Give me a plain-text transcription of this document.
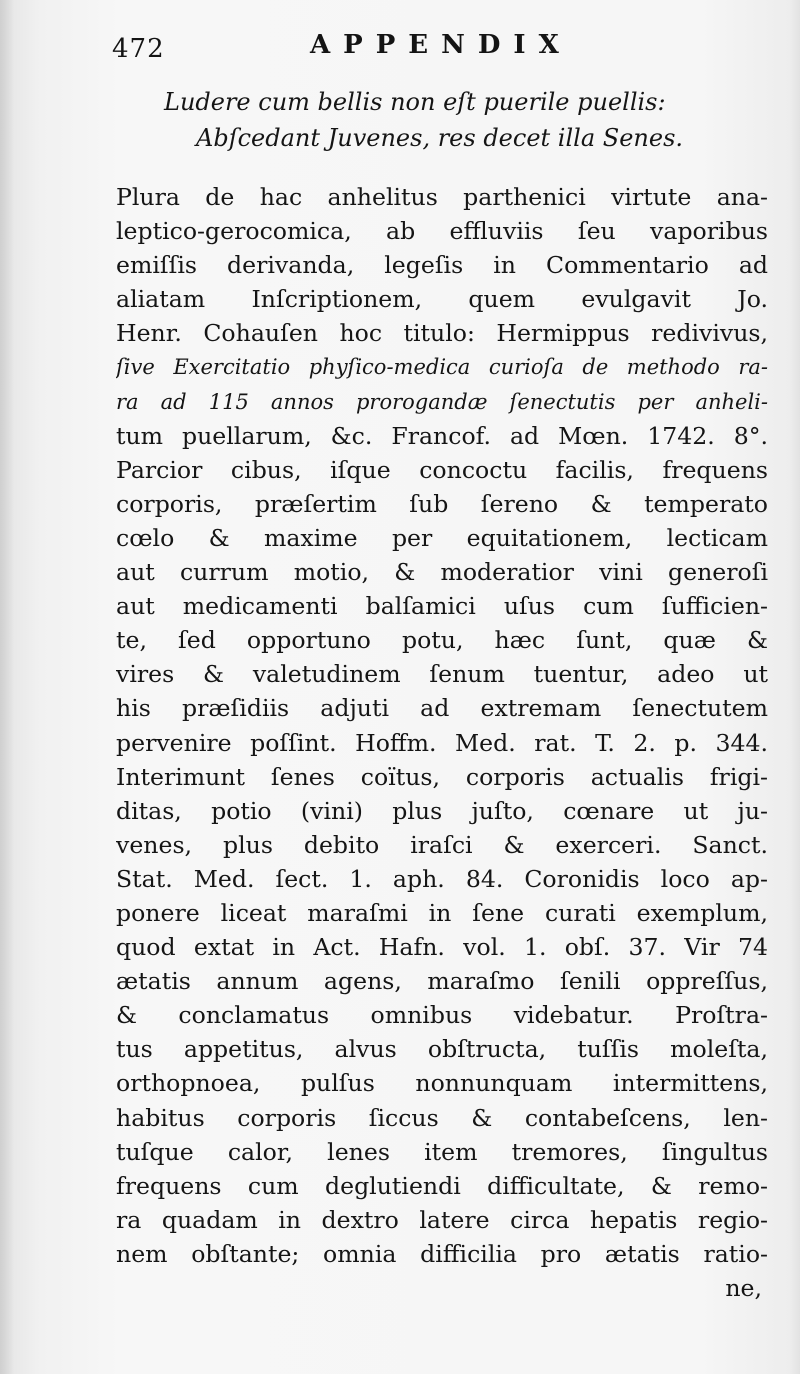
472	APPENDIX
Ludere cum bellis non eſt puerile puellis:
Abſcedant Juvenes, res decet illa Senes.
Plura de hac anhelitus parthenici virtute ana-
leptico-gerocomica, ab effluviis ſeu vaporibus
emiſſis derivanda, legeſis in Commentario ad
aliatam Inſcriptionem, quem evulgavit Jo.
Henr. Cohauſen hoc titulo: Hermippus redivivus,
ſive Exercitatio phyſico-medica curioſa de methodo ra-
ra ad 115 annos prorogandæ ſenectutis per anheli-
tum puellarum, &c. Francof. ad Mœn. 1742. 8°.
Parcior cibus, iſque concoctu facilis, frequens
corporis, præſertim ſub ſereno & temperato
cœlo & maxime per equitationem, lecticam
aut currum motio, & moderatior vini generoſi
aut medicamenti balſamici uſus cum ſufficien-
te, ſed opportuno potu, hæc ſunt, quæ &
vires & valetudinem ſenum tuentur, adeo ut
his præſidiis adjuti ad extremam ſenectutem
pervenire poſſint. Hoffm. Med. rat. T. 2. p. 344.
Interimunt ſenes coïtus, corporis actualis frigi-
ditas, potio (vini) plus juſto, cœnare ut ju-
venes, plus debito iraſci & exerceri. Sanct.
Stat. Med. ſect. 1. aph. 84. Coronidis loco ap-
ponere liceat maraſmi in ſene curati exemplum,
quod extat in Act. Hafn. vol. 1. obſ. 37. Vir 74
ætatis annum agens, maraſmo ſenili oppreſſus,
& conclamatus omnibus videbatur. Proſtra-
tus appetitus, alvus obſtructa, tuſſis moleſta,
orthopnoea, pulſus nonnunquam intermittens,
habitus corporis ſiccus & contabeſcens, len-
tuſque calor, lenes item tremores, ſingultus
frequens cum deglutiendi difficultate, & remo-
ra quadam in dextro latere circa hepatis regio-
nem obſtante; omnia difficilia pro ætatis ratio-
ne,
